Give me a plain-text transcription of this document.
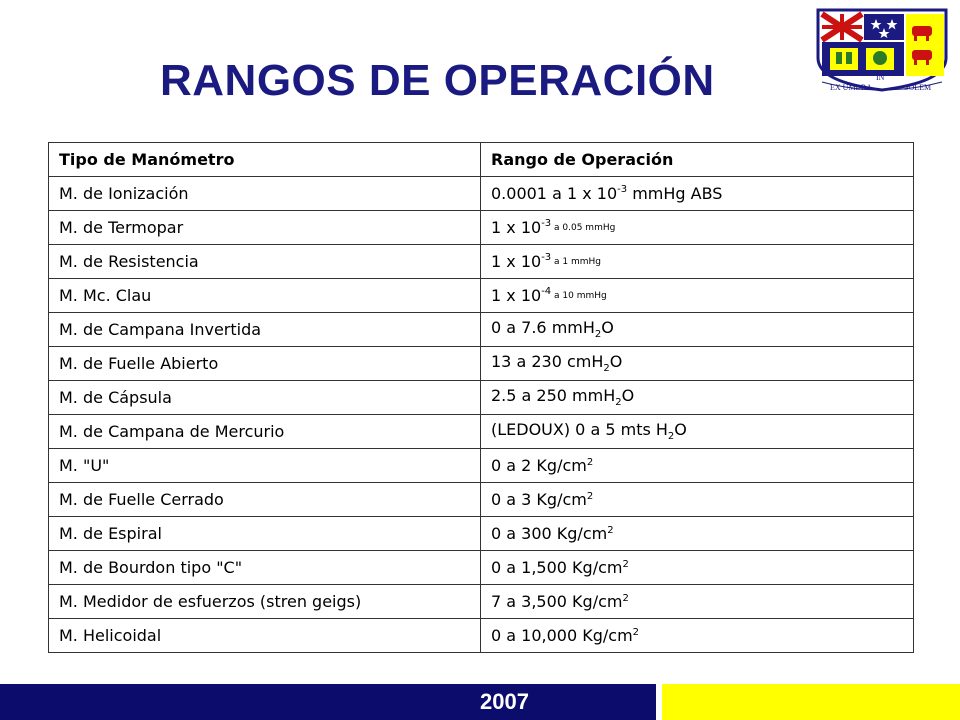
RANGOS DE OPERACIÓN	EX UMBRA
IN
SOLEM
Tipo de Manómetro	Rango de Operación
M. de Ionización	0.0001 a 1 x $10^{-3}$ mmHg ABS
M. de Termopar	1 x $10^{-3}$ a 0.05 mmHg
M. de Resistencia	1 x $10^{-3}$ a 1 mmHg
M. Mc. Clau	1 x $10^{-4}$ a 10 mmHg
M. de Campana Invertida	0 a 7.6 mmH$_2$O
M. de Fuelle Abierto	13 a 230 cmH$_2$O
M. de Cápsula	2.5 a 250 mmH$_2$O
M. de Campana de Mercurio	(LEDOUX) 0 a 5 mts $H_2O$
M. "U"	0 a 2 $Kg/cm^2$
M. de Fuelle Cerrado	0 a 3 $Kg/cm^2$
M. de Espiral	0 a 300 $Kg/cm^2$
M. de Bourdon tipo "C"	0 a 1,500 $Kg/cm^2$
M. Medidor de esfuerzos (stren geigs)	7 a 3,500 $Kg/cm^2$
M. Helicoidal	0 a 10,000 $Kg/cm^2$
2007
